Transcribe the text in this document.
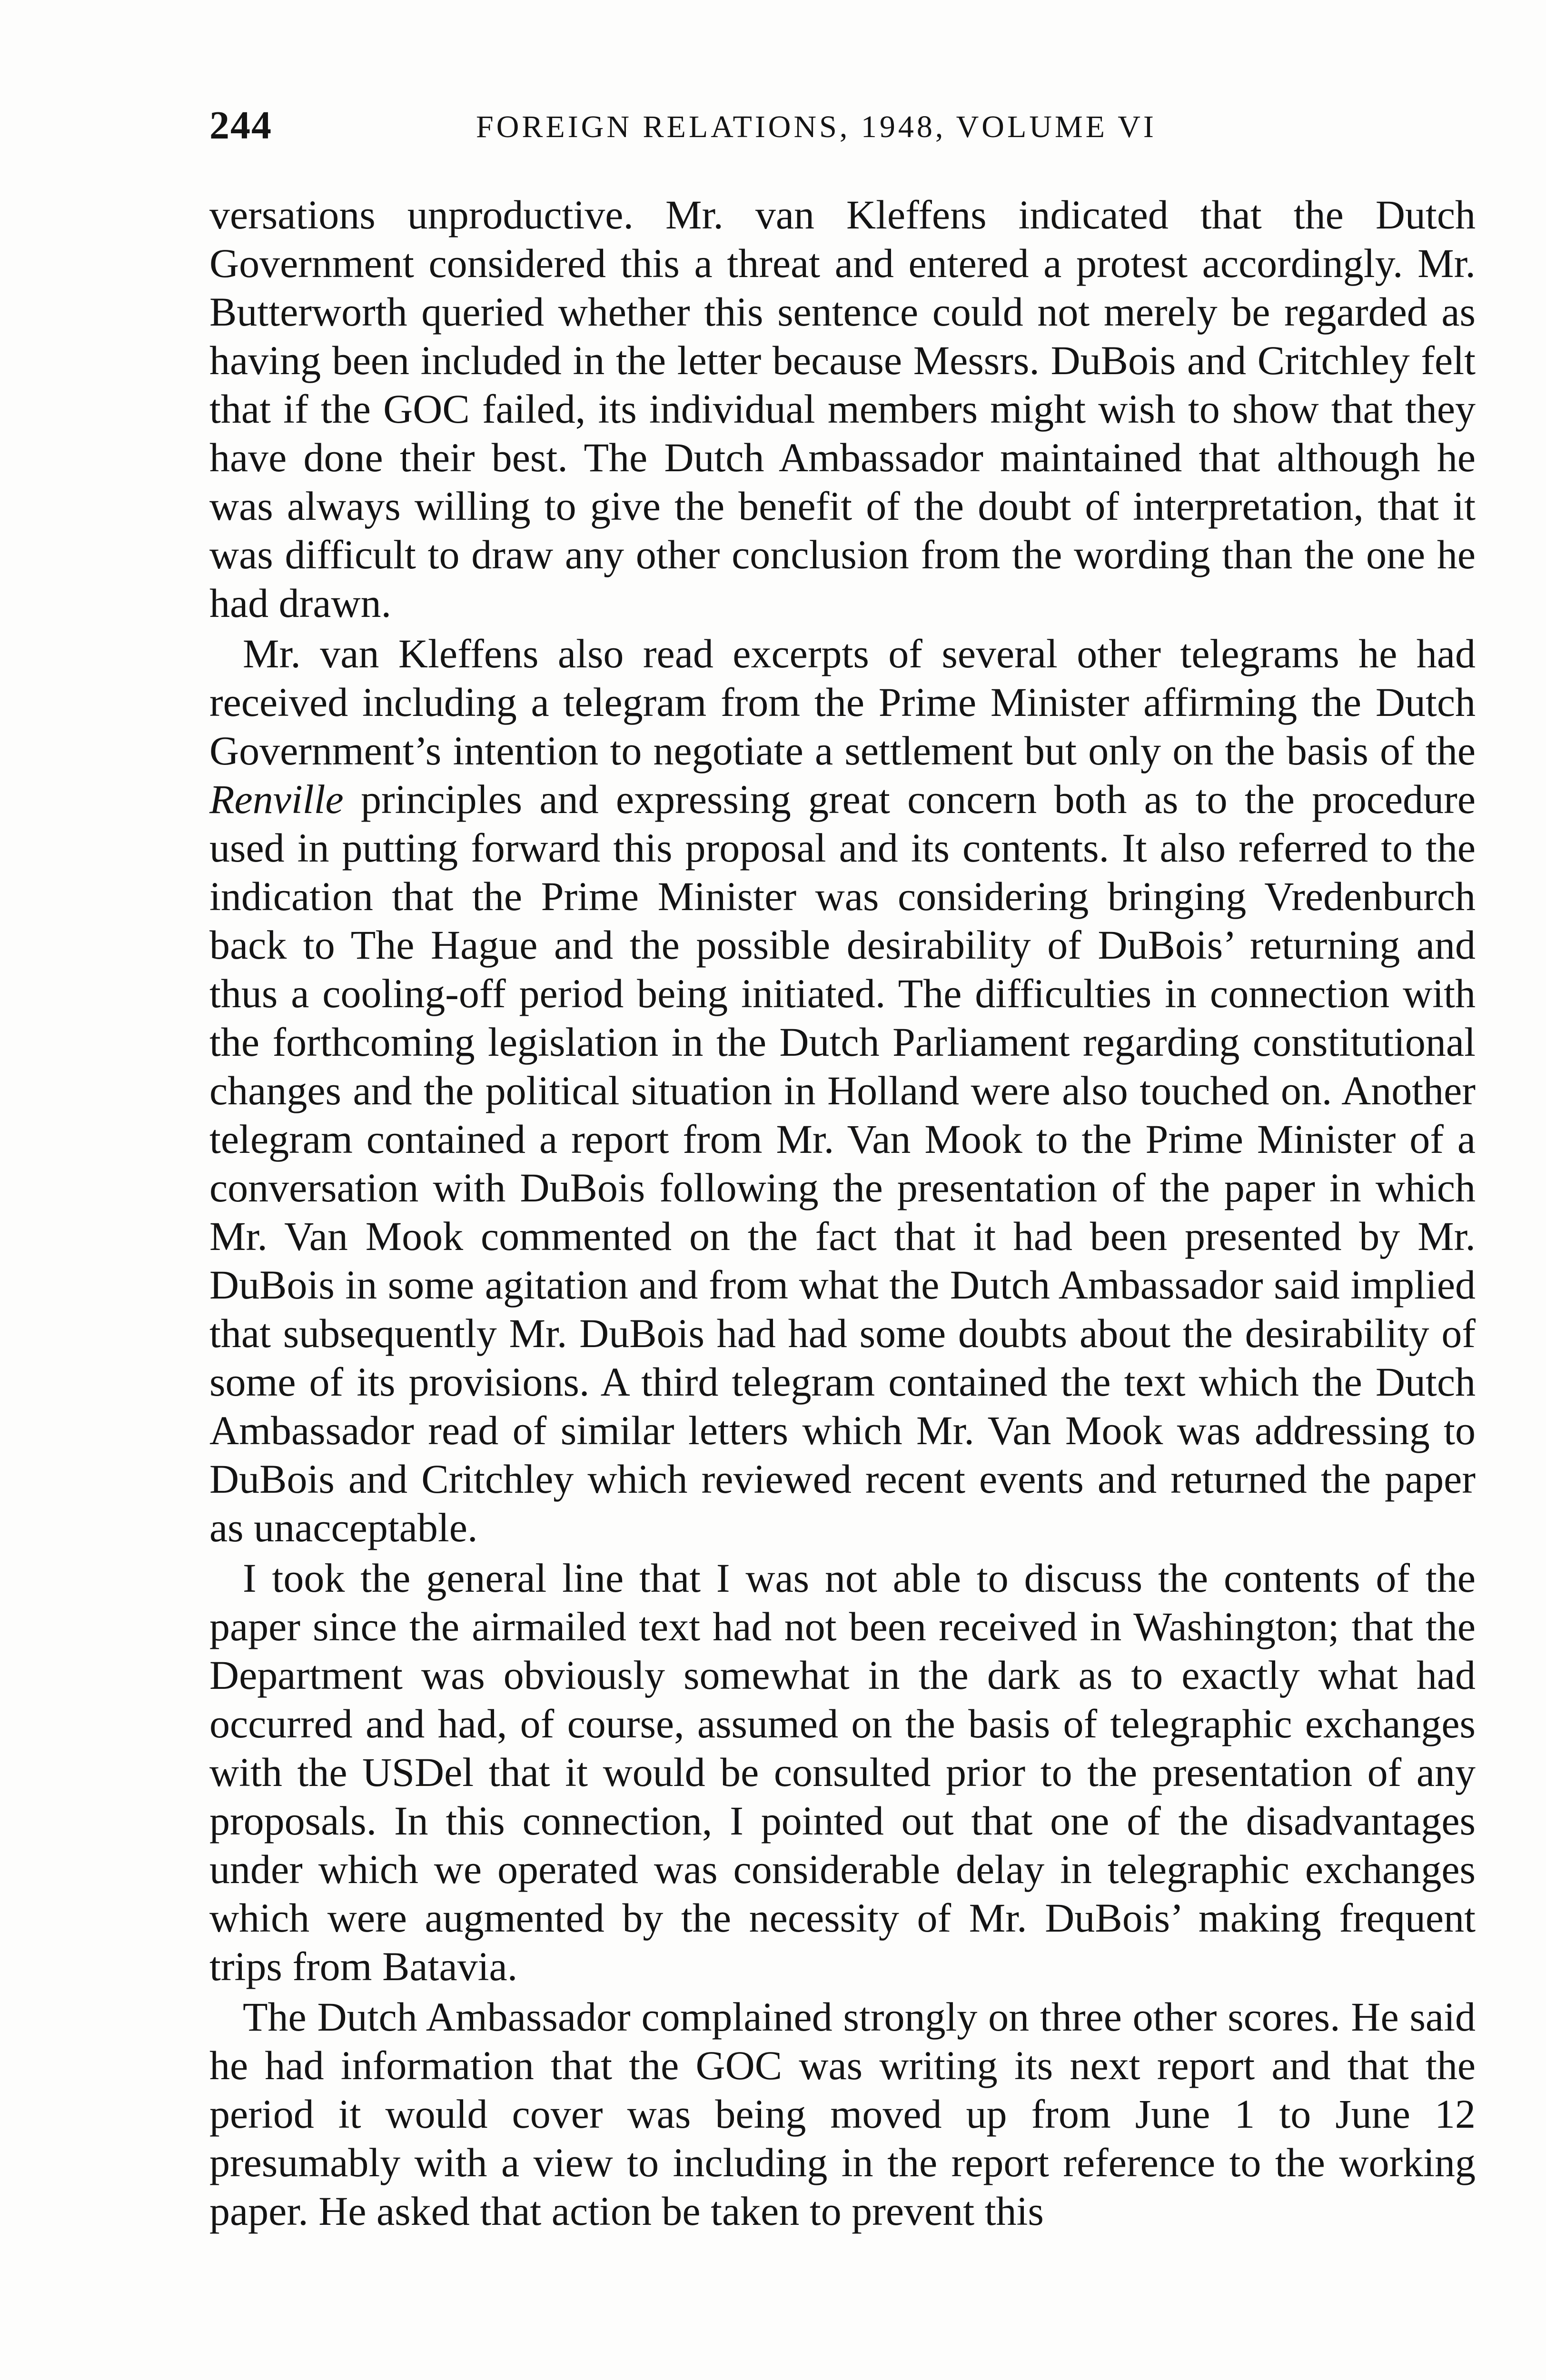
244	FOREIGN RELATIONS, 1948, VOLUME VI

versations unproductive. Mr. van Kleffens indicated that the Dutch Government considered this a threat and entered a protest accordingly. Mr. Butterworth queried whether this sentence could not merely be regarded as having been included in the letter because Messrs. DuBois and Critchley felt that if the GOC failed, its individual members might wish to show that they have done their best. The Dutch Ambassador maintained that although he was always willing to give the benefit of the doubt of interpretation, that it was difficult to draw any other conclusion from the wording than the one he had drawn.

Mr. van Kleffens also read excerpts of several other telegrams he had received including a telegram from the Prime Minister affirming the Dutch Government’s intention to negotiate a settlement but only on the basis of the Renville principles and expressing great concern both as to the procedure used in putting forward this proposal and its contents. It also referred to the indication that the Prime Minister was considering bringing Vredenburch back to The Hague and the possible desirability of DuBois’ returning and thus a cooling-off period being initiated. The difficulties in connection with the forthcoming legislation in the Dutch Parliament regarding constitutional changes and the political situation in Holland were also touched on. Another telegram contained a report from Mr. Van Mook to the Prime Minister of a conversation with DuBois following the presentation of the paper in which Mr. Van Mook commented on the fact that it had been presented by Mr. DuBois in some agitation and from what the Dutch Ambassador said implied that subsequently Mr. DuBois had had some doubts about the desirability of some of its provisions. A third telegram contained the text which the Dutch Ambassador read of similar letters which Mr. Van Mook was addressing to DuBois and Critchley which reviewed recent events and returned the paper as unacceptable.

I took the general line that I was not able to discuss the contents of the paper since the airmailed text had not been received in Washington; that the Department was obviously somewhat in the dark as to exactly what had occurred and had, of course, assumed on the basis of telegraphic exchanges with the USDel that it would be consulted prior to the presentation of any proposals. In this connection, I pointed out that one of the disadvantages under which we operated was considerable delay in telegraphic exchanges which were augmented by the necessity of Mr. DuBois’ making frequent trips from Batavia.

The Dutch Ambassador complained strongly on three other scores. He said he had information that the GOC was writing its next report and that the period it would cover was being moved up from June 1 to June 12 presumably with a view to including in the report reference to the working paper. He asked that action be taken to prevent this
